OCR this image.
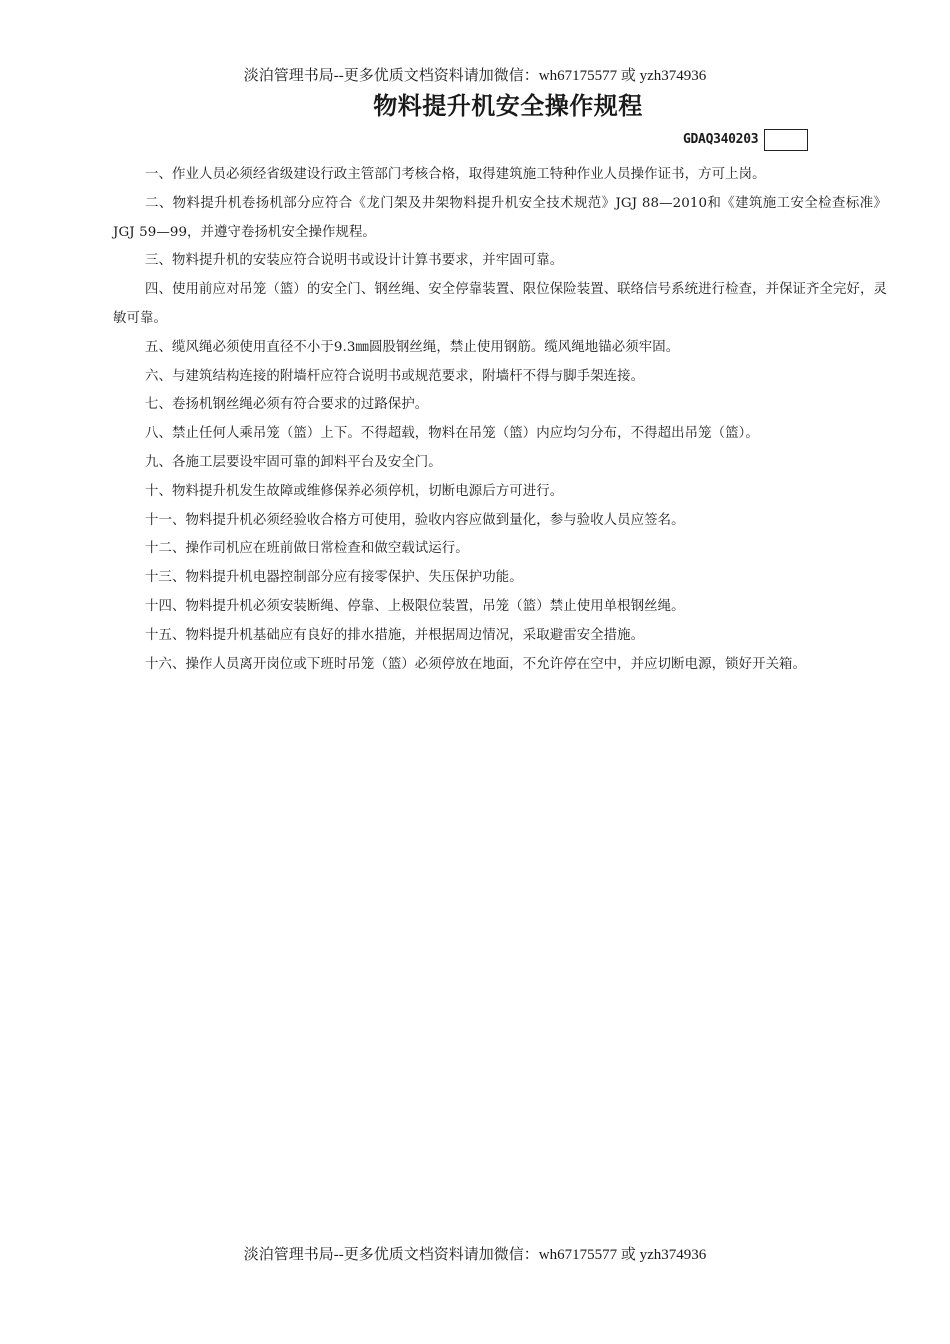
淡泊管理书局--更多优质文档资料请加微信：wh67175577 或 yzh374936
物料提升机安全操作规程
GDAQ340203
一、作业人员必须经省级建设行政主管部门考核合格，取得建筑施工特种作业人员操作证书，方可上岗。
二、物料提升机卷扬机部分应符合《龙门架及井架物料提升机安全技术规范》JGJ 88—2010和《建筑施工安全检查标准》JGJ 59—99，并遵守卷扬机安全操作规程。
三、物料提升机的安装应符合说明书或设计计算书要求，并牢固可靠。
四、使用前应对吊笼（篮）的安全门、钢丝绳、安全停靠装置、限位保险装置、联络信号系统进行检查，并保证齐全完好，灵敏可靠。
五、缆风绳必须使用直径不小于9.3㎜圆股钢丝绳，禁止使用钢筋。缆风绳地锚必须牢固。
六、与建筑结构连接的附墙杆应符合说明书或规范要求，附墙杆不得与脚手架连接。
七、卷扬机钢丝绳必须有符合要求的过路保护。
八、禁止任何人乘吊笼（篮）上下。不得超载，物料在吊笼（篮）内应均匀分布，不得超出吊笼（篮）。
九、各施工层要设牢固可靠的卸料平台及安全门。
十、物料提升机发生故障或维修保养必须停机，切断电源后方可进行。
十一、物料提升机必须经验收合格方可使用，验收内容应做到量化，参与验收人员应签名。
十二、操作司机应在班前做日常检查和做空载试运行。
十三、物料提升机电器控制部分应有接零保护、失压保护功能。
十四、物料提升机必须安装断绳、停靠、上极限位装置，吊笼（篮）禁止使用单根钢丝绳。
十五、物料提升机基础应有良好的排水措施，并根据周边情况，采取避雷安全措施。
十六、操作人员离开岗位或下班时吊笼（篮）必须停放在地面，不允许停在空中，并应切断电源，锁好开关箱。
淡泊管理书局--更多优质文档资料请加微信：wh67175577 或 yzh374936
